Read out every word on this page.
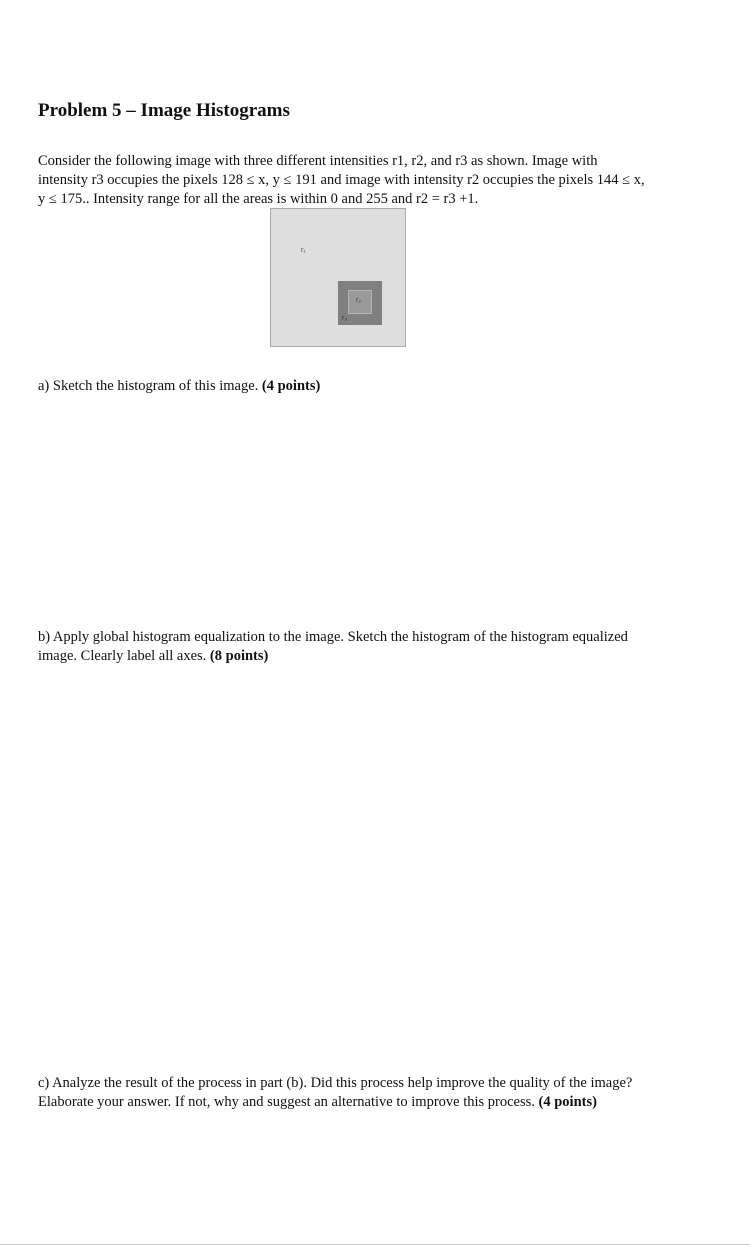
Problem 5 – Image Histograms
Consider the following image with three different intensities r1, r2, and r3 as shown. Image with intensity r3 occupies the pixels 128 ≤ x, y ≤ 191 and image with intensity r2 occupies the pixels 144 ≤ x, y ≤ 175.. Intensity range for all the areas is within 0 and 255 and r2 = r3 +1.
r₁
r₂
r₃
a) Sketch the histogram of this image. (4 points)
b) Apply global histogram equalization to the image. Sketch the histogram of the histogram equalized image. Clearly label all axes. (8 points)
c) Analyze the result of the process in part (b). Did this process help improve the quality of the image? Elaborate your answer. If not, why and suggest an alternative to improve this process. (4 points)
